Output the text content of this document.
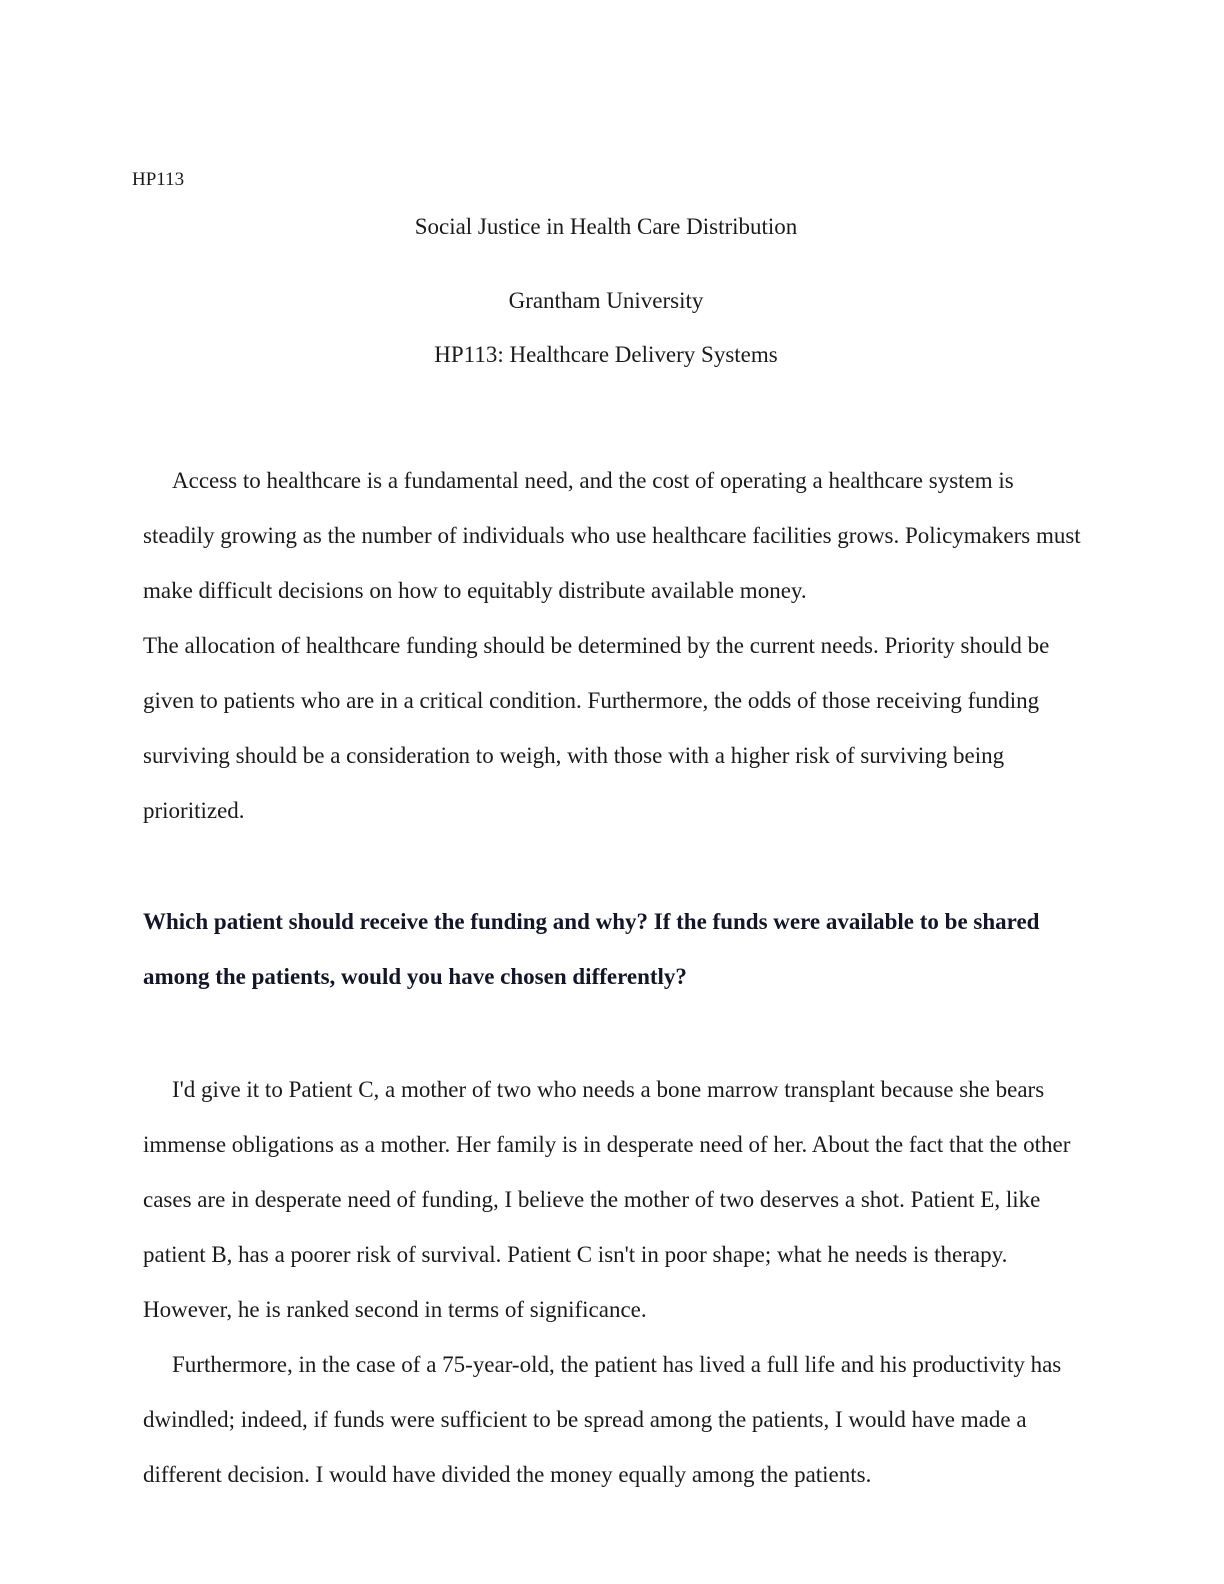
HP113
Social Justice in Health Care Distribution
Grantham University
HP113: Healthcare Delivery Systems

Access to healthcare is a fundamental need, and the cost of operating a healthcare system is steadily growing as the number of individuals who use healthcare facilities grows. Policymakers must make difficult decisions on how to equitably distribute available money.

The allocation of healthcare funding should be determined by the current needs. Priority should be given to patients who are in a critical condition. Furthermore, the odds of those receiving funding surviving should be a consideration to weigh, with those with a higher risk of surviving being prioritized.

Which patient should receive the funding and why? If the funds were available to be shared among the patients, would you have chosen differently?

I'd give it to Patient C, a mother of two who needs a bone marrow transplant because she bears immense obligations as a mother. Her family is in desperate need of her. About the fact that the other cases are in desperate need of funding, I believe the mother of two deserves a shot. Patient E, like patient B, has a poorer risk of survival. Patient C isn't in poor shape; what he needs is therapy. However, he is ranked second in terms of significance.

Furthermore, in the case of a 75-year-old, the patient has lived a full life and his productivity has dwindled; indeed, if funds were sufficient to be spread among the patients, I would have made a different decision. I would have divided the money equally among the patients.
